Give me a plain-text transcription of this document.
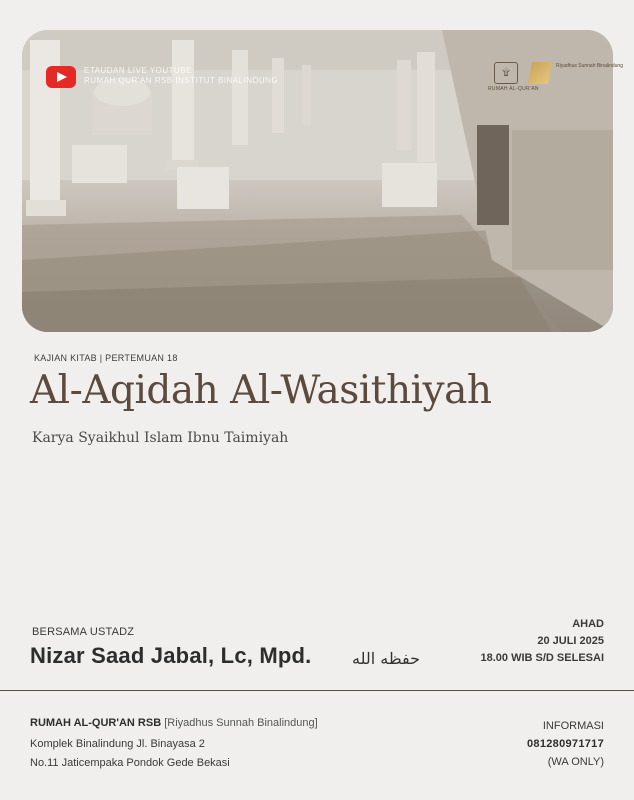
ETAUDAN LIVE YOUTUBE
RUMAH QUR'AN RSB INSTITUT BINALINDUNG
۩
RUMAH AL-QUR'AN
Riyadhus Sunnah Binalindung
KAJIAN KITAB | PERTEMUAN 18
Al-Aqidah Al-Wasithiyah
Karya Syaikhul Islam Ibnu Taimiyah
BERSAMA USTADZ
Nizar Saad Jabal, Lc, Mpd.	حفظه الله
AHAD
20 JULI 2025
18.00 WIB S/D SELESAI
RUMAH AL-QUR'AN RSB [Riyadhus Sunnah Binalindung]
Komplek Binalindung Jl. Binayasa 2
No.11 Jaticempaka Pondok Gede Bekasi
INFORMASI
081280971717
(WA ONLY)
